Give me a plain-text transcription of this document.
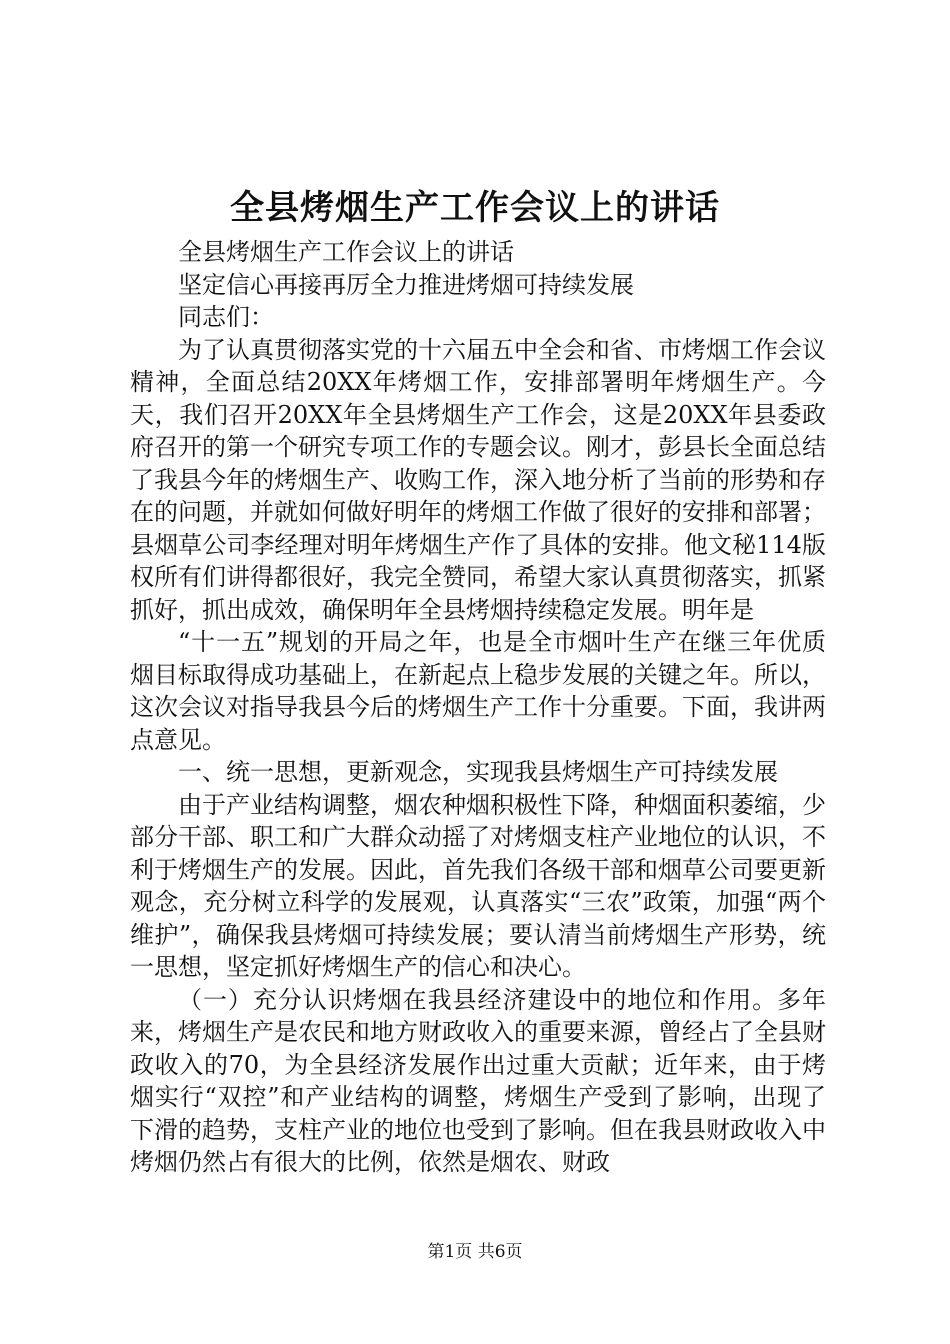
全县烤烟生产工作会议上的讲话

全县烤烟生产工作会议上的讲话

坚定信心再接再厉全力推进烤烟可持续发展

同志们：

为了认真贯彻落实党的十六届五中全会和省、市烤烟工作会议精神，全面总结20XX年烤烟工作，安排部署明年烤烟生产。今天，我们召开20XX年全县烤烟生产工作会，这是20XX年县委政府召开的第一个研究专项工作的专题会议。刚才，彭县长全面总结了我县今年的烤烟生产、收购工作，深入地分析了当前的形势和存在的问题，并就如何做好明年的烤烟工作做了很好的安排和部署；县烟草公司李经理对明年烤烟生产作了具体的安排。他文秘114版权所有们讲得都很好，我完全赞同，希望大家认真贯彻落实，抓紧抓好，抓出成效，确保明年全县烤烟持续稳定发展。明年是

“十一五”规划的开局之年，也是全市烟叶生产在继三年优质烟目标取得成功基础上，在新起点上稳步发展的关键之年。所以，这次会议对指导我县今后的烤烟生产工作十分重要。下面，我讲两点意见。

一、统一思想，更新观念，实现我县烤烟生产可持续发展

由于产业结构调整，烟农种烟积极性下降，种烟面积萎缩，少部分干部、职工和广大群众动摇了对烤烟支柱产业地位的认识，不利于烤烟生产的发展。因此，首先我们各级干部和烟草公司要更新观念，充分树立科学的发展观，认真落实“三农”政策，加强“两个维护”，确保我县烤烟可持续发展；要认清当前烤烟生产形势，统一思想，坚定抓好烤烟生产的信心和决心。

（一）充分认识烤烟在我县经济建设中的地位和作用。多年来，烤烟生产是农民和地方财政收入的重要来源，曾经占了全县财政收入的70，为全县经济发展作出过重大贡献；近年来，由于烤烟实行“双控”和产业结构的调整，烤烟生产受到了影响，出现了下滑的趋势，支柱产业的地位也受到了影响。但在我县财政收入中烤烟仍然占有很大的比例，依然是烟农、财政

第1页 共6页
